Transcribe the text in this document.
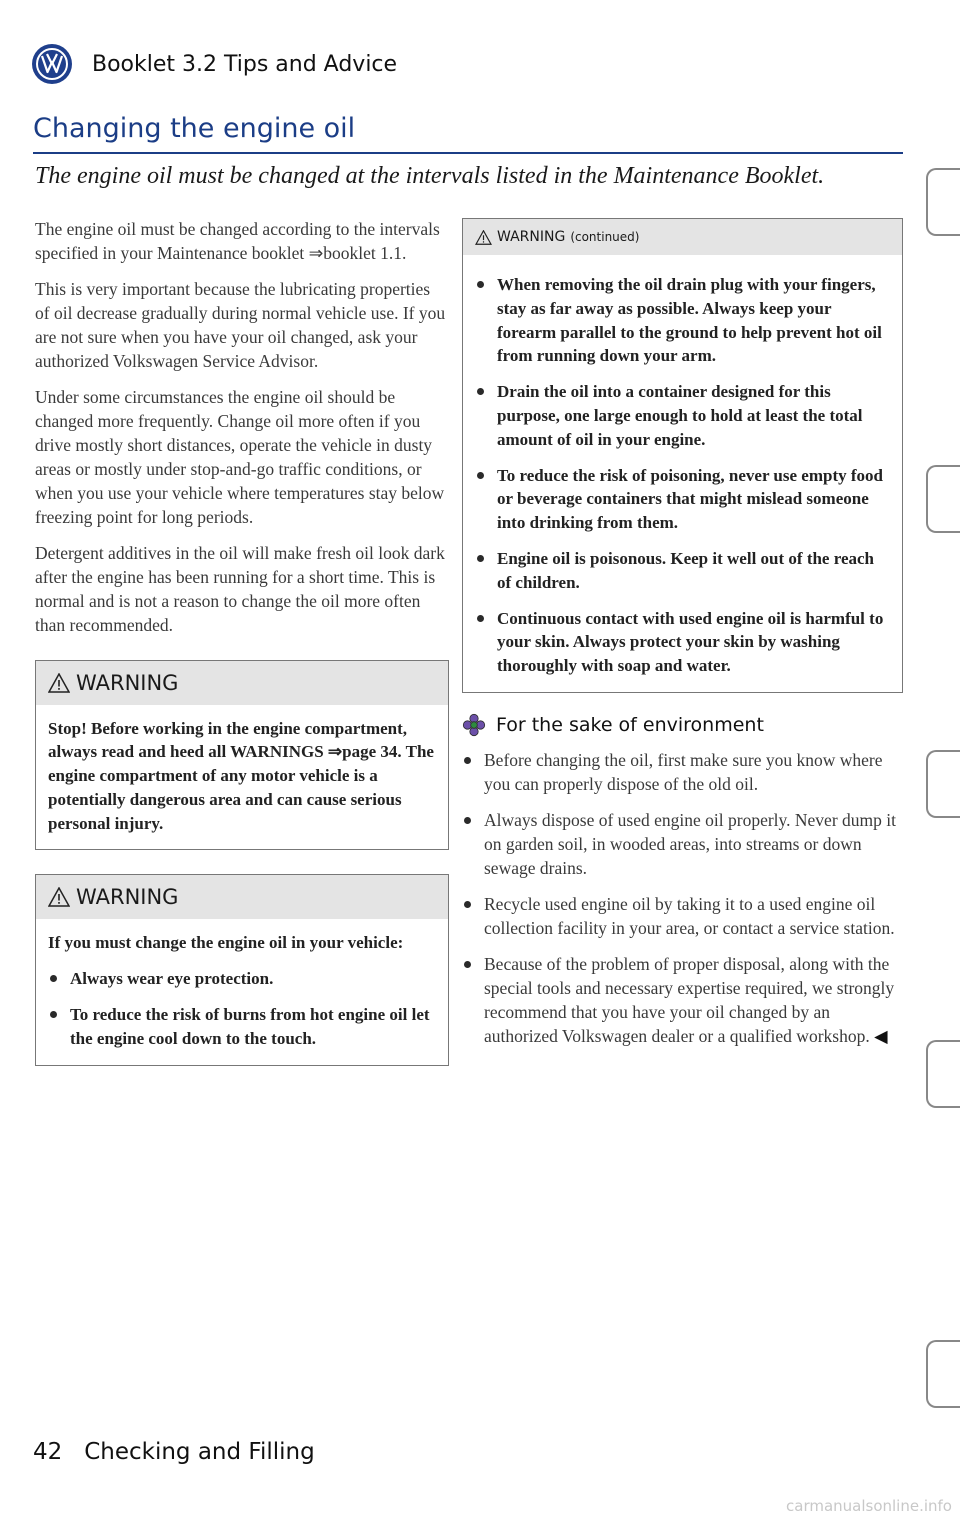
Booklet 3.2 Tips and Advice
Changing the engine oil

The engine oil must be changed at the intervals listed in the Maintenance Booklet.

The engine oil must be changed according to the intervals specified in your Maintenance booklet ⇒booklet 1.1.

This is very important because the lubricating properties of oil decrease gradually during normal vehicle use. If you are not sure when you have your oil changed, ask your authorized Volkswagen Service Advisor.

Under some circumstances the engine oil should be changed more frequently. Change oil more often if you drive mostly short distances, operate the vehicle in dusty areas or mostly under stop-and-go traffic conditions, or when you use your vehicle where temperatures stay below freezing point for long periods.

Detergent additives in the oil will make fresh oil look dark after the engine has been running for a short time. This is normal and is not a reason to change the oil more often than recommended.

WARNING

Stop! Before working in the engine compartment, always read and heed all WARNINGS ⇒page 34. The engine compartment of any motor vehicle is a potentially dangerous area and can cause serious personal injury.

WARNING

If you must change the engine oil in your vehicle:

Always wear eye protection.

To reduce the risk of burns from hot engine oil let the engine cool down to the touch.

WARNING (continued)

When removing the oil drain plug with your fingers, stay as far away as possible. Always keep your forearm parallel to the ground to help prevent hot oil from running down your arm.

Drain the oil into a container designed for this purpose, one large enough to hold at least the total amount of oil in your engine.

To reduce the risk of poisoning, never use empty food or beverage containers that might mislead someone into drinking from them.

Engine oil is poisonous. Keep it well out of the reach of children.

Continuous contact with used engine oil is harmful to your skin. Always protect your skin by washing thoroughly with soap and water.

For the sake of environment

Before changing the oil, first make sure you know where you can properly dispose of the old oil.

Always dispose of used engine oil properly. Never dump it on garden soil, in wooded areas, into streams or down sewage drains.

Recycle used engine oil by taking it to a used engine oil collection facility in your area, or contact a service station.

Because of the problem of proper disposal, along with the special tools and necessary expertise required, we strongly recommend that you have your oil changed by an authorized Volkswagen dealer or a qualified workshop. ◀

42   Checking and Filling
carmanualsonline.info
